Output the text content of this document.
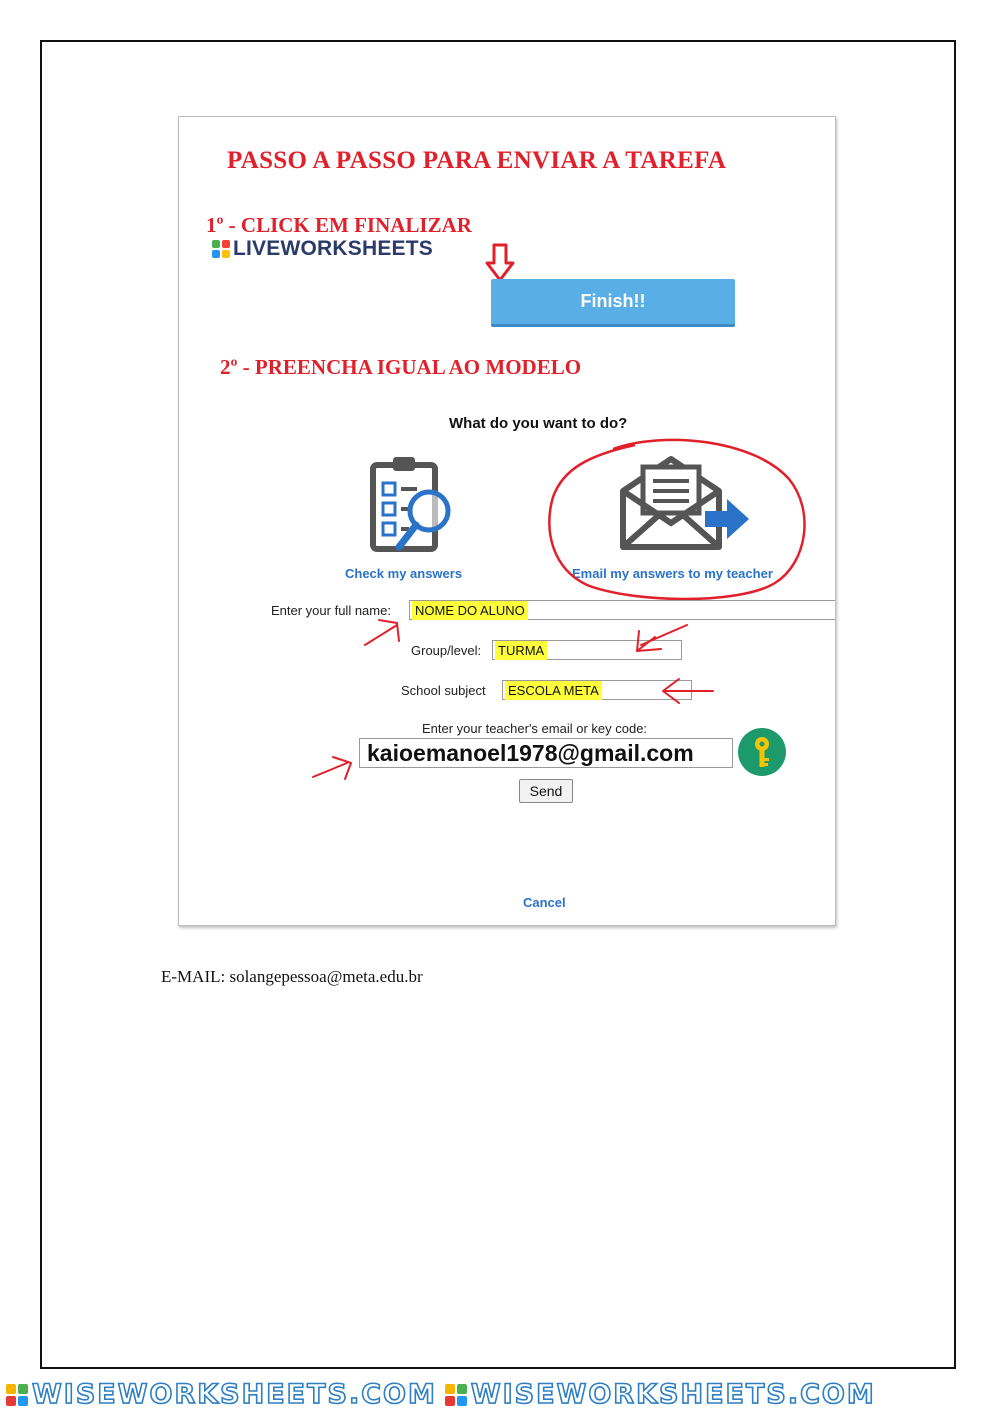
PASSO A PASSO PARA ENVIAR A TAREFA
1º - CLICK EM FINALIZAR
LIVEWORKSHEETS
Finish!!
2º - PREENCHA IGUAL AO MODELO
What do you want to do?
Check my answers	Email my answers to my teacher
Enter your full name: NOME DO ALUNO
Group/level: TURMA
School subject ESCOLA META
Enter your teacher's email or key code:
kaioemanoel1978@gmail.com
Send
Cancel
E-MAIL: solangepessoa@meta.edu.br
WISEWORKSHEETS.COM WISEWORKSHEETS.COM
